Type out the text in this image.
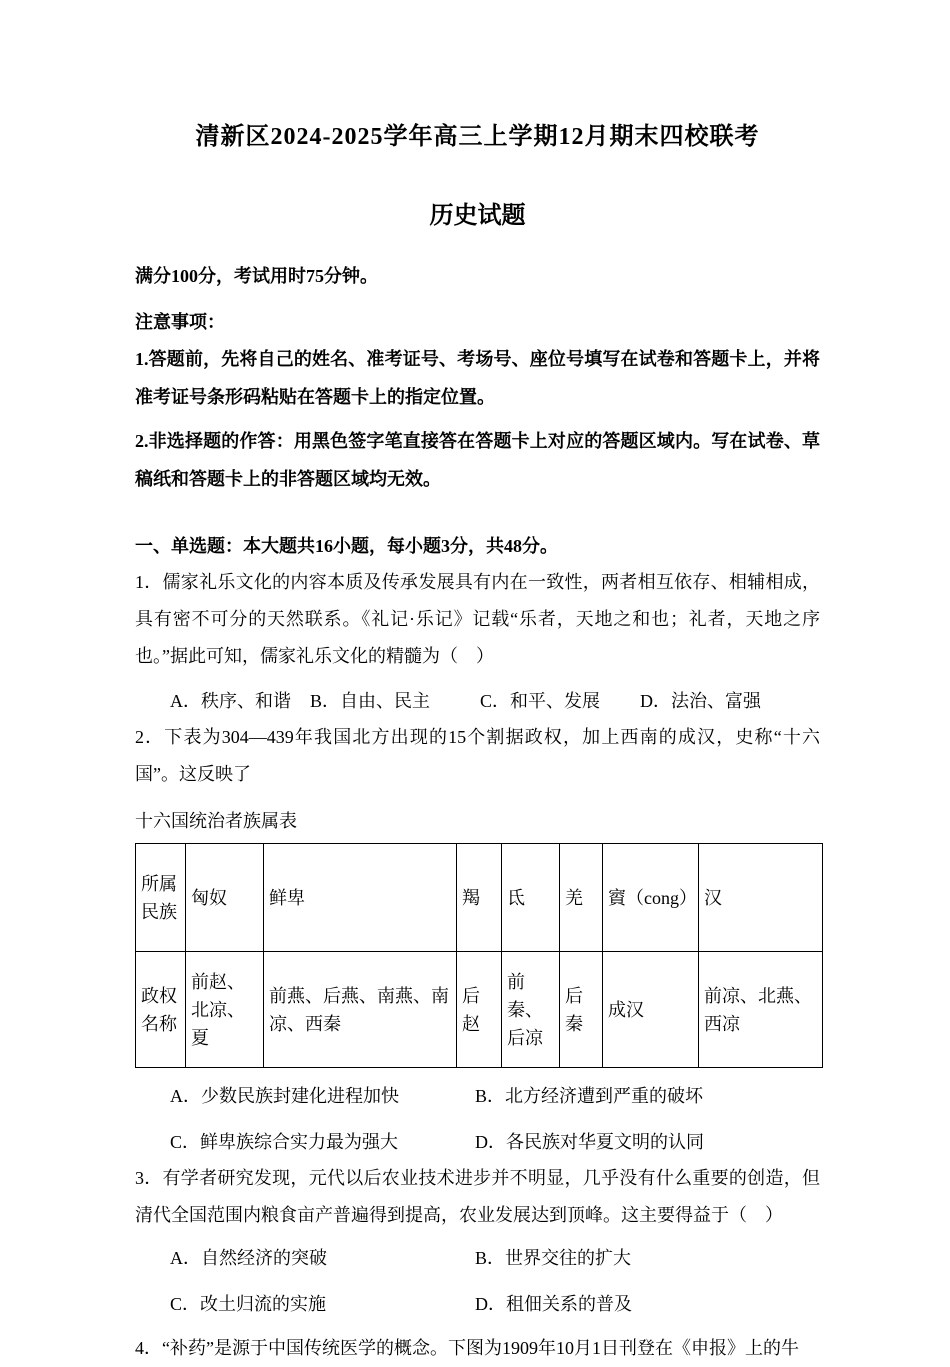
清新区2024-2025学年高三上学期12月期末四校联考
历史试题
满分100分，考试用时75分钟。
注意事项：
1.答题前，先将自己的姓名、准考证号、考场号、座位号填写在试卷和答题卡上，并将准考证号条形码粘贴在答题卡上的指定位置。
2.非选择题的作答：用黑色签字笔直接答在答题卡上对应的答题区域内。写在试卷、草稿纸和答题卡上的非答题区域均无效。
一、单选题：本大题共16小题，每小题3分，共48分。
1．儒家礼乐文化的内容本质及传承发展具有内在一致性，两者相互依存、相辅相成，具有密不可分的天然联系。《礼记·乐记》记载“乐者，天地之和也；礼者，天地之序也。”据此可知，儒家礼乐文化的精髓为（　）
A．秩序、和谐	B．自由、民主	C．和平、发展	D．法治、富强
2．下表为304—439年我国北方出现的15个割据政权，加上西南的成汉，史称“十六国”。这反映了
十六国统治者族属表
所属民族	匈奴	鲜卑	羯	氐	羌	賨（cong）	汉
政权名称	前赵、北凉、夏	前燕、后燕、南燕、南凉、西秦	后赵	前秦、后凉	后秦	成汉	前凉、北燕、西凉
A．少数民族封建化进程加快	B．北方经济遭到严重的破坏
C．鲜卑族综合实力最为强大	D．各民族对华夏文明的认同
3．有学者研究发现，元代以后农业技术进步并不明显，几乎没有什么重要的创造，但清代全国范围内粮食亩产普遍得到提高，农业发展达到顶峰。这主要得益于（　）
A．自然经济的突破	B．世界交往的扩大
C．改土归流的实施	D．租佃关系的普及
4．“补药”是源于中国传统医学的概念。下图为1909年10月1日刊登在《申报》上的牛
